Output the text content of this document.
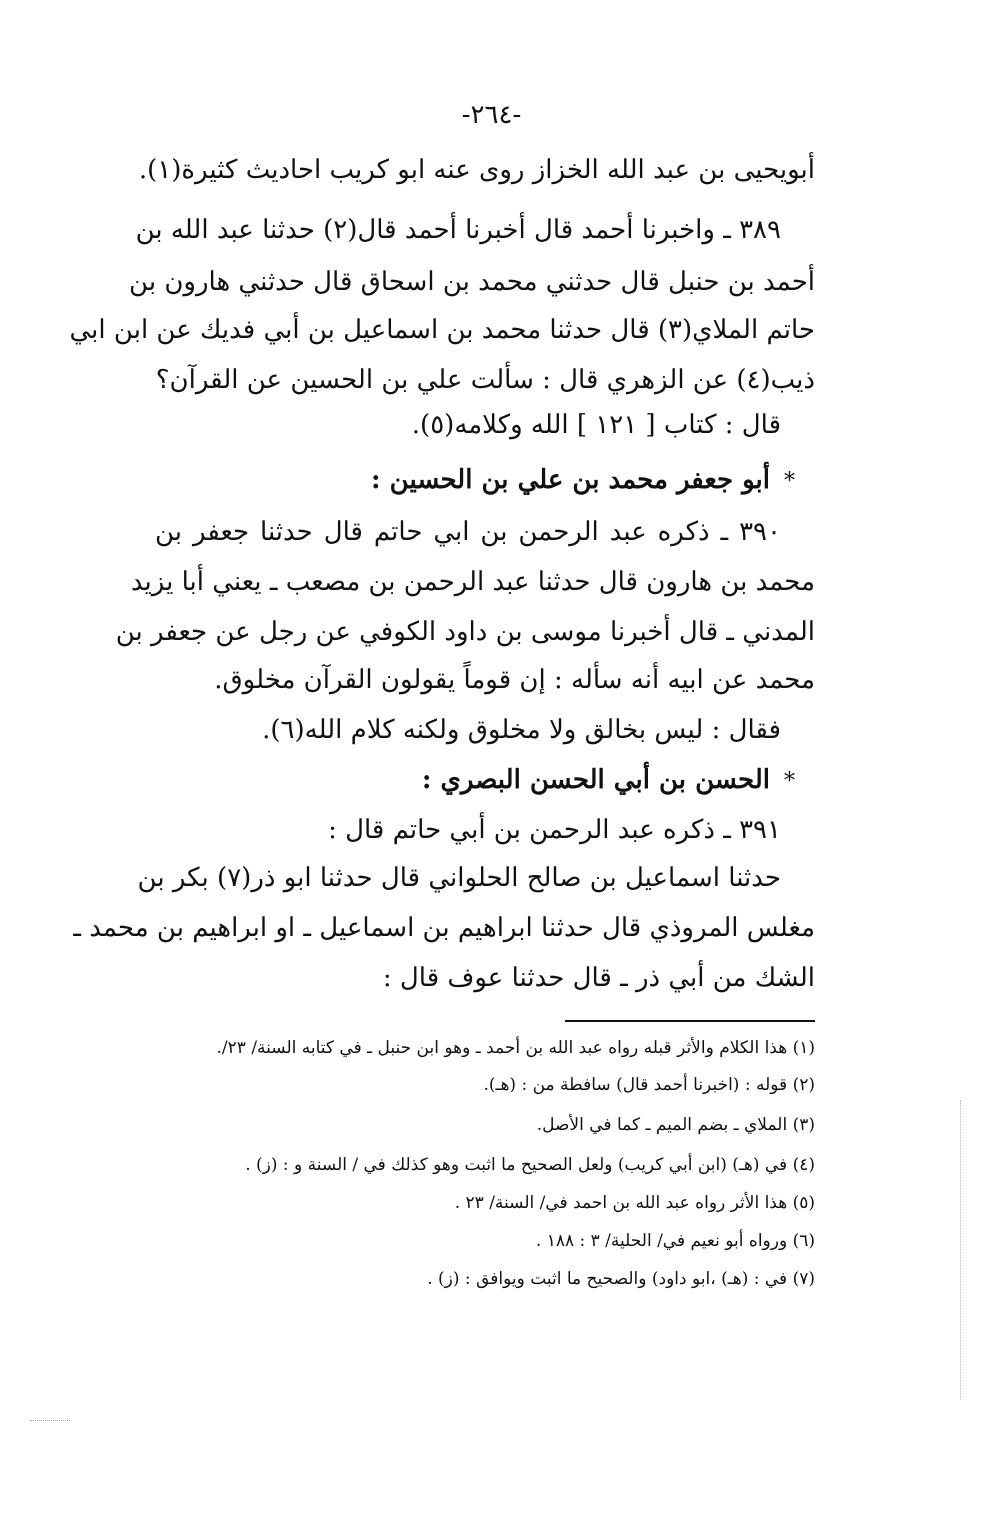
-٢٦٤-
أبويحيى بن عبد الله الخزاز روى عنه ابو كريب احاديث كثيرة(١).
٣٨٩ ـ واخبرنا أحمد قال أخبرنا أحمد قال(٢) حدثنا عبد الله بن
أحمد بن حنبل قال حدثني محمد بن اسحاق قال حدثني هارون بن
حاتم الملاي(٣) قال حدثنا محمد بن اسماعيل بن أبي فديك عن ابن ابي
ذيب(٤) عن الزهري قال : سألت علي بن الحسين عن القرآن؟
قال : كتاب [ ١٢١ ] الله وكلامه(٥).
*أبو جعفر محمد بن علي بن الحسين :
٣٩٠ ـ ذكره عبد الرحمن بن ابي حاتم قال حدثنا جعفر بن
محمد بن هارون قال حدثنا عبد الرحمن بن مصعب ـ يعني أبا يزيد
المدني ـ قال أخبرنا موسى بن داود الكوفي عن رجل عن جعفر بن
محمد عن ابيه أنه سأله : إن قوماً يقولون القرآن مخلوق.
فقال : ليس بخالق ولا مخلوق ولكنه كلام الله(٦).
*الحسن بن أبي الحسن البصري :
٣٩١ ـ ذكره عبد الرحمن بن أبي حاتم قال :
حدثنا اسماعيل بن صالح الحلواني قال حدثنا ابو ذر(٧) بكر بن
مغلس المروذي قال حدثنا ابراهيم بن اسماعيل ـ او ابراهيم بن محمد ـ
الشك من أبي ذر ـ قال حدثنا عوف قال :
(١) هذا الكلام والأثر قبله رواه عبد الله بن أحمد ـ وهو ابن حنبل ـ في كتابه السنة/ ٢٣/.
(٢) قوله : (اخبرنا أحمد قال) سافطة من : (هـ).
(٣) الملاي ـ بضم الميم ـ كما في الأصل.
(٤) في (هـ) (ابن أبي كريب) ولعل الصحيح ما اثبت وهو كذلك في / السنة و : (ز) .
(٥) هذا الأثر رواه عبد الله بن احمد في/ السنة/ ٢٣ .
(٦) ورواه أبو نعيم في/ الحلية/ ٣ : ١٨٨ .
(٧) في : (هـ) ،ابو داود) والصحيح ما اثبت ويوافق : (ز) .
